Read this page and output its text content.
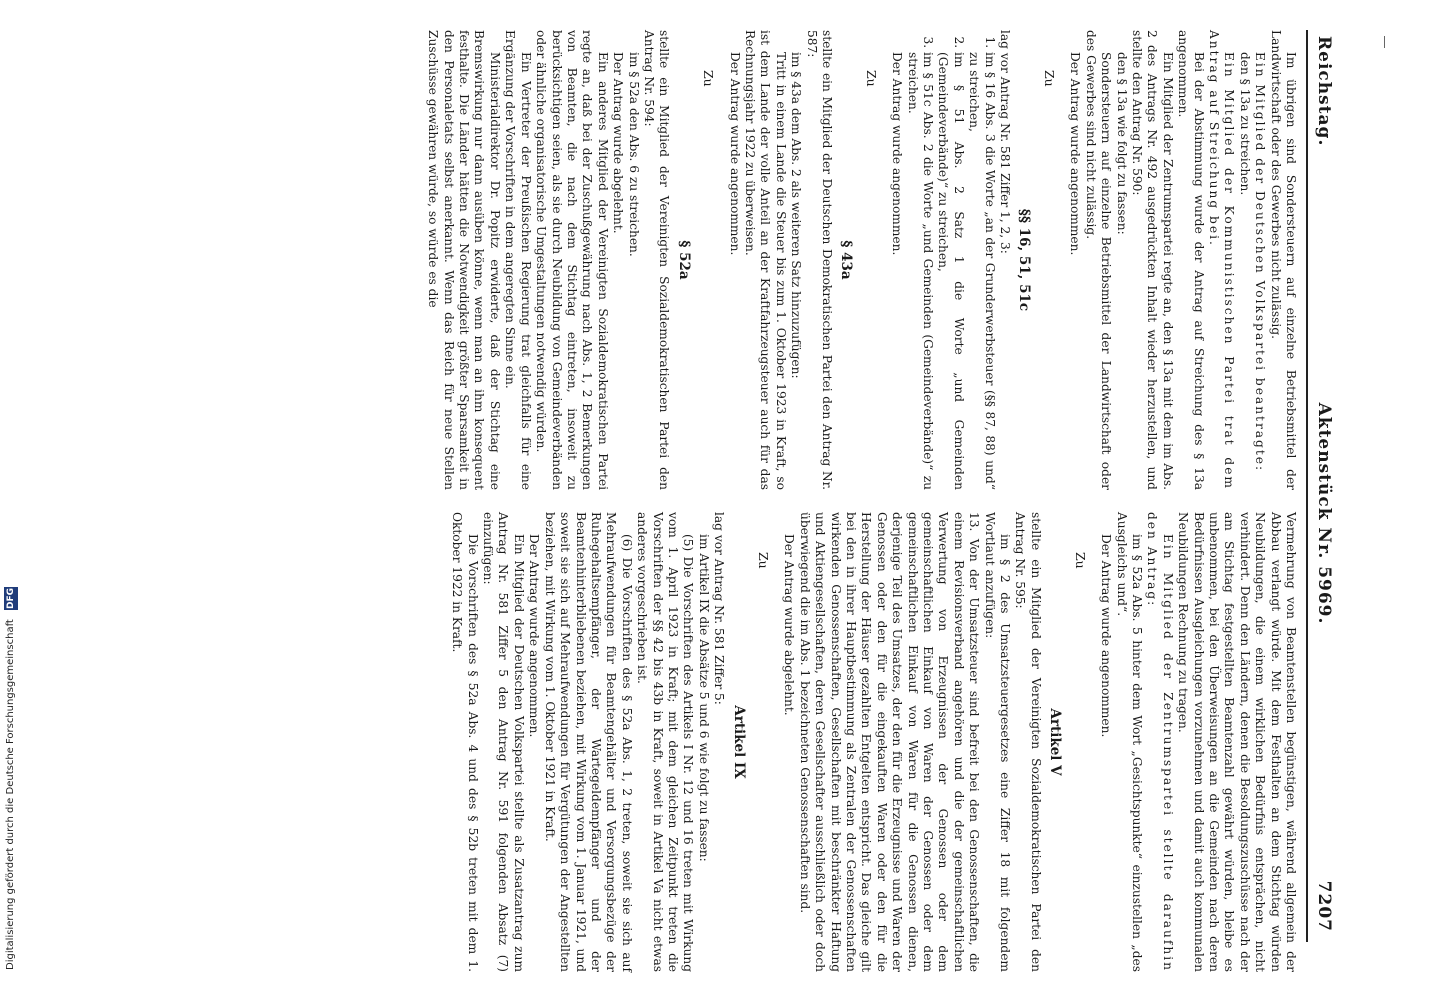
Digitalisierung gefördert durch die Deutsche Forschungsgemeinschaft DFG
Reichstag.
Aktenstück Nr. 5969.
7207

Im übrigen sind Sondersteuern auf einzelne Betriebsmittel der Landwirtschaft oder des Gewerbes nicht zulässig.

Ein Mitglied der Deutschen Volkspartei beantragte:

den § 13a zu streichen.

Ein Mitglied der Kommunistischen Partei trat dem Antrag auf Streichung bei.

Bei der Abstimmung wurde der Antrag auf Streichung des § 13a angenommen.

Ein Mitglied der Zentrumspartei regte an, den § 13a mit dem im Abs. 2 des Antrags Nr. 492 ausgedrückten Inhalt wieder herzustellen, und stellte den Antrag Nr. 590:

den § 13a wie folgt zu fassen:

Sondersteuern auf einzelne Betriebsmittel der Landwirtschaft oder des Gewerbes sind nicht zulässig.

Der Antrag wurde angenommen.

Zu
§§ 16, 51, 51c

lag vor Antrag Nr. 581 Ziffer 1, 2, 3:

1. im § 16 Abs. 3 die Worte „an der Grunderwerbsteuer (§§ 87, 88) und“ zu streichen,
2. im § 51 Abs. 2 Satz 1 die Worte „und Gemeinden (Gemeindeverbände)“ zu streichen,
3. im § 51c Abs. 2 die Worte „und Gemeinden (Gemeindeverbände)“ zu streichen.

Der Antrag wurde angenommen.

Zu
§ 43a

stellte ein Mitglied der Deutschen Demokratischen Partei den Antrag Nr. 587:

im § 43a dem Abs. 2 als weiteren Satz hinzuzufügen:

Tritt in einem Lande die Steuer bis zum 1. Oktober 1923 in Kraft, so ist dem Lande der volle Anteil an der Kraftfahrzeugsteuer auch für das Rechnungsjahr 1922 zu überweisen.

Der Antrag wurde angenommen.

Zu
§ 52a

stellte ein Mitglied der Vereinigten Sozialdemokratischen Partei den Antrag Nr. 594:

im § 52a den Abs. 6 zu streichen.

Der Antrag wurde abgelehnt.

Ein anderes Mitglied der Vereinigten Sozialdemokratischen Partei regte an, daß bei der Zuschußgewährung nach Abs. 1, 2 Bemerkungen von Beamten, die nach dem Stichtag eintreten, insoweit zu berücksichtigen seien, als sie durch Neubildung von Gemeindeverbänden oder ähnliche organisatorische Umgestaltungen notwendig würden.

Ein Vertreter der Preußischen Regierung trat gleichfalls für eine Ergänzung der Vorschriften in dem angeregten Sinne ein.

Ministerialdirektor Dr. Popitz erwiderte, daß der Stichtag eine Bremswirkung nur dann ausüben könne, wenn man an ihm konsequent festhalte. Die Länder hätten die Notwendigkeit größter Sparsamkeit in den Personaletats selbst anerkannt. Wenn das Reich für neue Stellen Zuschüsse gewähren würde, so würde es die

Vermehrung von Beamtenstellen begünstigen, während allgemein der Abbau verlangt würde. Mit dem Festhalten an dem Stichtag würden Neubildungen, die einem wirklichen Bedürfnis entsprächen, nicht verhindert. Denn den Ländern, denen die Besoldungszuschüsse nach der am Stichtag festgestellten Beamtenzahl gewährt würden, bleibe es unbenommen, bei den Überweisungen an die Gemeinden nach deren Bedürfnissen Ausgleichungen vorzunehmen und damit auch kommunalen Neubildungen Rechnung zu tragen.

Ein Mitglied der Zentrumspartei stellte daraufhin den Antrag:

im § 52a Abs. 5 hinter dem Wort „Gesichtspunkte“ einzustellen „des Ausgleichs und“.

Der Antrag wurde angenommen.

Zu
Artikel V

stellte ein Mitglied der Vereinigten Sozialdemokratischen Partei den Antrag Nr. 595:

im § 2 des Umsatzsteuergesetzes eine Ziffer 18 mit folgendem Wortlaut anzufügen:

13. Von der Umsatzsteuer sind befreit bei den Genossenschaften, die einem Revisionsverband angehören und die der gemeinschaftlichen Verwertung von Erzeugnissen der Genossen oder dem gemeinschaftlichen Einkauf von Waren der Genossen oder dem gemeinschaftlichen Einkauf von Waren für die Genossen dienen, derjenige Teil des Umsatzes, der den für die Erzeugnisse und Waren der Genossen oder den für die eingekauften Waren oder den für die Herstellung der Häuser gezahlten Entgelten entspricht. Das gleiche gilt bei den in ihrer Hauptbestimmung als Zentralen der Genossenschaften wirkenden Genossenschaften, Gesellschaften mit beschränkter Haftung und Aktiengesellschaften, deren Gesellschafter ausschließlich oder doch überwiegend die im Abs. 1 bezeichneten Genossenschaften sind.

Der Antrag wurde abgelehnt.

Zu
Artikel IX

lag vor Antrag Nr. 581 Ziffer 5:

im Artikel IX die Absätze 5 und 6 wie folgt zu fassen:

(5) Die Vorschriften des Artikels I Nr. 12 und 16 treten mit Wirkung vom 1. April 1923 in Kraft; mit dem gleichen Zeitpunkt treten die Vorschriften der §§ 42 bis 43b in Kraft, soweit in Artikel Va nicht etwas anderes vorgeschrieben ist.

(6) Die Vorschriften des § 52a Abs. 1, 2 treten, soweit sie sich auf Mehraufwendungen für Beamtengehälter und Versorgungsbezüge der Ruhegehaltsempfänger, der Wartegeldempfänger und der Beamtenhinterbliebenen beziehen, mit Wirkung vom 1. Januar 1921, und soweit sie sich auf Mehraufwendungen für Vergütungen der Angestellten beziehen, mit Wirkung vom 1. Oktober 1921 in Kraft.

Der Antrag wurde angenommen.

Ein Mitglied der Deutschen Volkspartei stellte als Zusatzantrag zum Antrag Nr. 581 Ziffer 5 den Antrag Nr. 591 folgenden Absatz (7) einzufügen:

Die Vorschriften des § 52a Abs. 4 und des § 52b treten mit dem 1. Oktober 1922 in Kraft.
